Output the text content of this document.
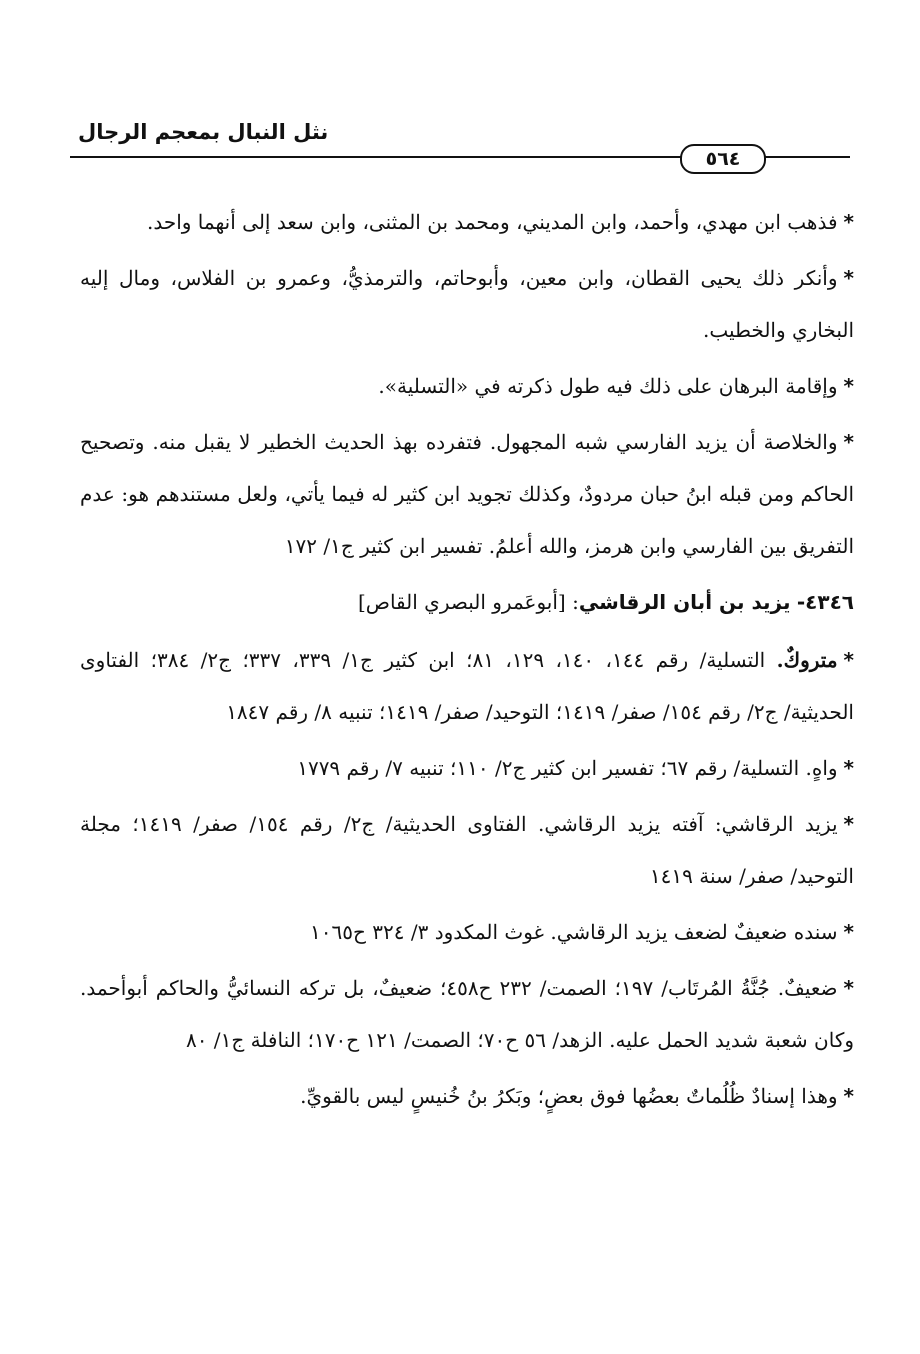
نثل النبال بمعجم الرجال
٥٦٤

*فذهب ابن مهدي، وأحمد، وابن المديني، ومحمد بن المثنى، وابن سعد إلى أنهما واحد.

*وأنكر ذلك يحيى القطان، وابن معين، وأبوحاتم، والترمذيُّ، وعمرو بن الفلاس، ومال إليه البخاري والخطيب.

*وإقامة البرهان على ذلك فيه طول ذكرته في «التسلية».

*والخلاصة أن يزيد الفارسي شبه المجهول. فتفرده بهذ الحديث الخطير لا يقبل منه. وتصحيح الحاكم ومن قبله ابنُ حبان مردودٌ، وكذلك تجويد ابن كثير له فيما يأتي، ولعل مستندهم هو: عدم التفريق بين الفارسي وابن هرمز، والله أعلمُ. تفسير ابن كثير ج١/ ١٧٢

٤٣٤٦- يزيد بن أبان الرقاشي: [أبوعَمرو البصري القاص]

*متروكٌ. التسلية/ رقم ١٤٤، ١٤٠، ١٢٩، ٨١؛ ابن كثير ج١/ ٣٣٩، ٣٣٧؛ ج٢/ ٣٨٤؛ الفتاوى الحديثية/ ج٢/ رقم ١٥٤/ صفر/ ١٤١٩؛ التوحيد/ صفر/ ١٤١٩؛ تنبيه ٨/ رقم ١٨٤٧

*واهٍ. التسلية/ رقم ٦٧؛ تفسير ابن كثير ج٢/ ١١٠؛ تنبيه ٧/ رقم ١٧٧٩

*يزيد الرقاشي: آفته يزيد الرقاشي. الفتاوى الحديثية/ ج٢/ رقم ١٥٤/ صفر/ ١٤١٩؛ مجلة التوحيد/ صفر/ سنة ١٤١٩

*سنده ضعيفٌ لضعف يزيد الرقاشي. غوث المكدود ٣/ ٣٢٤ ح١٠٦٥

*ضعيفٌ. جُنَّةُ المُرتَاب/ ١٩٧؛ الصمت/ ٢٣٢ ح٤٥٨؛ ضعيفٌ، بل تركه النسائيُّ والحاكم أبوأحمد. وكان شعبة شديد الحمل عليه. الزهد/ ٥٦ ح٧٠؛ الصمت/ ١٢١ ح١٧٠؛ النافلة ج١/ ٨٠

*وهذا إسنادٌ ظُلُماتٌ بعضُها فوق بعضٍ؛ وبَكرُ بنُ خُنيسٍ ليس بالقويِّ.
